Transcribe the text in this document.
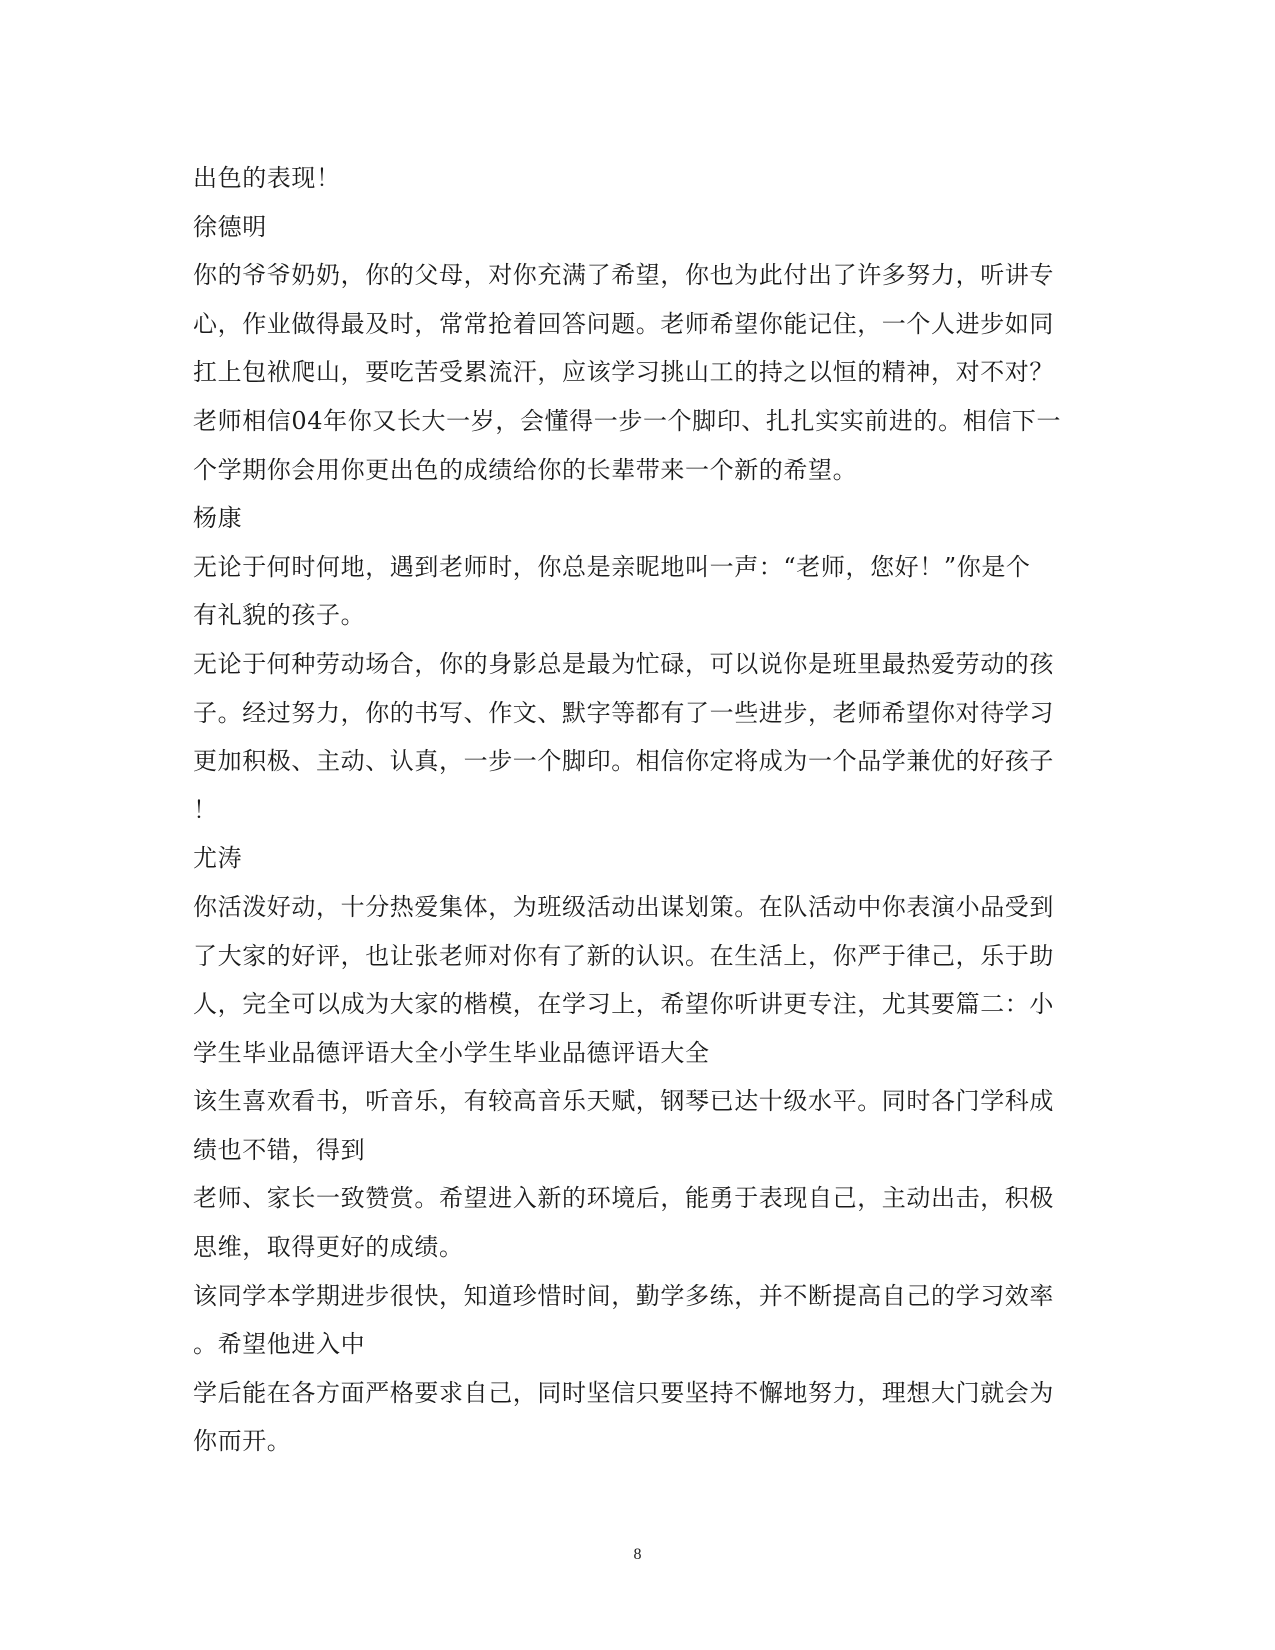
出色的表现！
徐德明
你的爷爷奶奶，你的父母，对你充满了希望，你也为此付出了许多努力，听讲专
心，作业做得最及时，常常抢着回答问题。老师希望你能记住，一个人进步如同
扛上包袱爬山，要吃苦受累流汗，应该学习挑山工的持之以恒的精神，对不对？
老师相信04年你又长大一岁，会懂得一步一个脚印、扎扎实实前进的。相信下一
个学期你会用你更出色的成绩给你的长辈带来一个新的希望。
杨康
无论于何时何地，遇到老师时，你总是亲昵地叫一声：“老师，您好！”你是个
有礼貌的孩子。
无论于何种劳动场合，你的身影总是最为忙碌，可以说你是班里最热爱劳动的孩
子。经过努力，你的书写、作文、默字等都有了一些进步，老师希望你对待学习
更加积极、主动、认真，一步一个脚印。相信你定将成为一个品学兼优的好孩子
！
尤涛
你活泼好动，十分热爱集体，为班级活动出谋划策。在队活动中你表演小品受到
了大家的好评，也让张老师对你有了新的认识。在生活上，你严于律己，乐于助
人，完全可以成为大家的楷模，在学习上，希望你听讲更专注，尤其要篇二：小
学生毕业品德评语大全小学生毕业品德评语大全
该生喜欢看书，听音乐，有较高音乐天赋，钢琴已达十级水平。同时各门学科成
绩也不错，得到
老师、家长一致赞赏。希望进入新的环境后，能勇于表现自己，主动出击，积极
思维，取得更好的成绩。
该同学本学期进步很快，知道珍惜时间，勤学多练，并不断提高自己的学习效率
。希望他进入中
学后能在各方面严格要求自己，同时坚信只要坚持不懈地努力，理想大门就会为
你而开。
8
